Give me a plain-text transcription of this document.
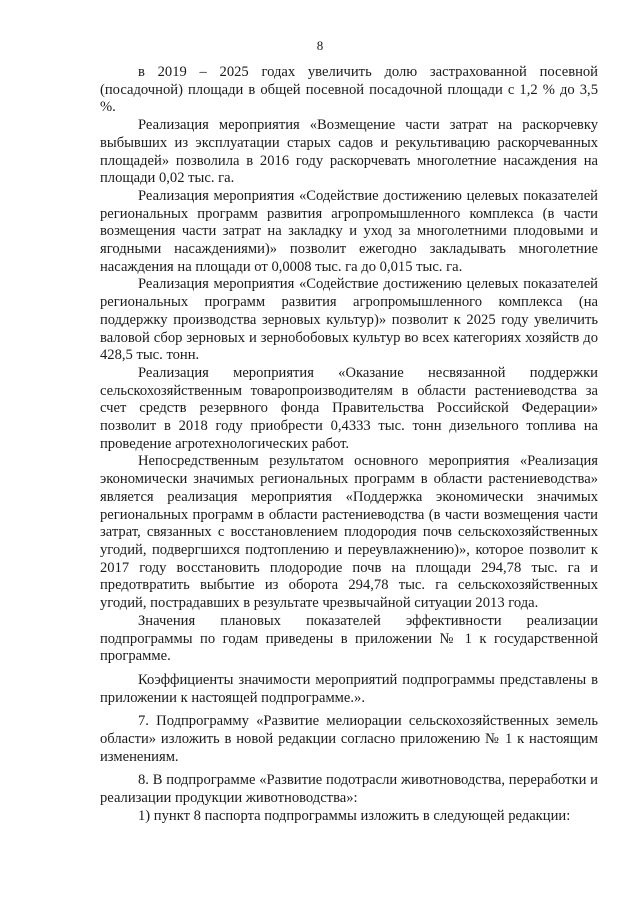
8

в 2019 – 2025 годах увеличить долю застрахованной посевной (посадочной) площади в общей посевной посадочной площади с 1,2 % до 3,5 %.

Реализация мероприятия «Возмещение части затрат на раскорчевку выбывших из эксплуатации старых садов и рекультивацию раскорчеванных площадей» позволила в 2016 году раскорчевать многолетние насаждения на площади 0,02 тыс. га.

Реализация мероприятия «Содействие достижению целевых показателей региональных программ развития агропромышленного комплекса (в части возмещения части затрат на закладку и уход за многолетними плодовыми и ягодными насаждениями)» позволит ежегодно закладывать многолетние насаждения на площади от 0,0008 тыс. га до 0,015 тыс. га.

Реализация мероприятия «Содействие достижению целевых показателей региональных программ развития агропромышленного комплекса (на поддержку производства зерновых культур)» позволит к 2025 году увеличить валовой сбор зерновых и зернобобовых культур во всех категориях хозяйств до 428,5 тыс. тонн.

Реализация мероприятия «Оказание несвязанной поддержки сельскохозяйственным товаропроизводителям в области растениеводства за счет средств резервного фонда Правительства Российской Федерации» позволит в 2018 году приобрести 0,4333 тыс. тонн дизельного топлива на проведение агротехнологических работ.

Непосредственным результатом основного мероприятия «Реализация экономически значимых региональных программ в области растениеводства» является реализация мероприятия «Поддержка экономически значимых региональных программ в области растениеводства (в части возмещения части затрат, связанных с восстановлением плодородия почв сельскохозяйственных угодий, подвергшихся подтоплению и переувлажнению)», которое позволит к 2017 году восстановить плодородие почв на площади 294,78 тыс. га и предотвратить выбытие из оборота 294,78 тыс. га сельскохозяйственных угодий, пострадавших в результате чрезвычайной ситуации 2013 года.

Значения плановых показателей эффективности реализации подпрограммы по годам приведены в приложении № 1 к государственной программе.

Коэффициенты значимости мероприятий подпрограммы представлены в приложении к настоящей подпрограмме.».

7. Подпрограмму «Развитие мелиорации сельскохозяйственных земель области» изложить в новой редакции согласно приложению № 1 к настоящим изменениям.

8. В подпрограмме «Развитие подотрасли животноводства, переработки и реализации продукции животноводства»:

1) пункт 8 паспорта подпрограммы изложить в следующей редакции:
